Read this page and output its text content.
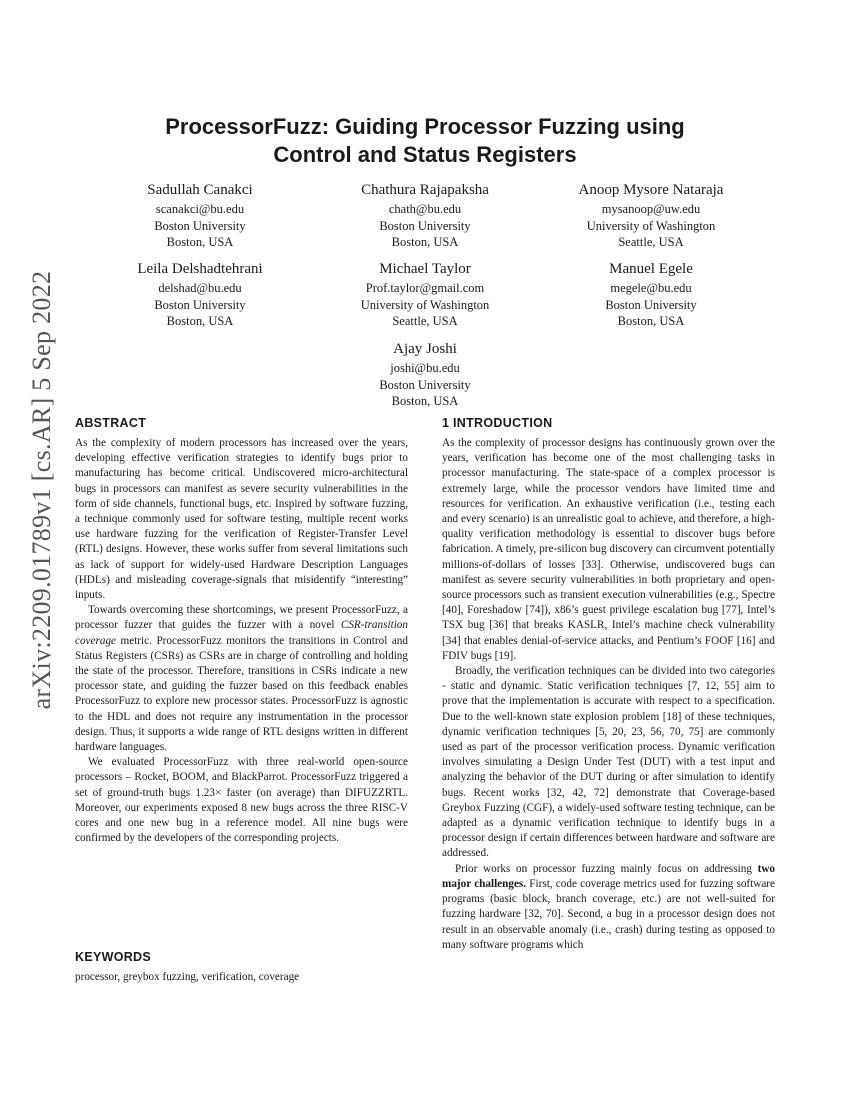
arXiv:2209.01789v1 [cs.AR] 5 Sep 2022
ProcessorFuzz: Guiding Processor Fuzzing using
Control and Status Registers
Sadullah Canakci
scanakci@bu.edu
Boston University
Boston, USA
Chathura Rajapaksha
chath@bu.edu
Boston University
Boston, USA
Anoop Mysore Nataraja
mysanoop@uw.edu
University of Washington
Seattle, USA
Leila Delshadtehrani
delshad@bu.edu
Boston University
Boston, USA
Michael Taylor
Prof.taylor@gmail.com
University of Washington
Seattle, USA
Manuel Egele
megele@bu.edu
Boston University
Boston, USA
Ajay Joshi
joshi@bu.edu
Boston University
Boston, USA
ABSTRACT

As the complexity of modern processors has increased over the years, developing effective verification strategies to identify bugs prior to manufacturing has become critical. Undiscovered micro-architectural bugs in processors can manifest as severe security vulnerabilities in the form of side channels, functional bugs, etc. Inspired by software fuzzing, a technique commonly used for software testing, multiple recent works use hardware fuzzing for the verification of Register-Transfer Level (RTL) designs. However, these works suffer from several limitations such as lack of support for widely-used Hardware Description Languages (HDLs) and misleading coverage-signals that misidentify “interesting” inputs.

Towards overcoming these shortcomings, we present ProcessorFuzz, a processor fuzzer that guides the fuzzer with a novel CSR-transition coverage metric. ProcessorFuzz monitors the transitions in Control and Status Registers (CSRs) as CSRs are in charge of controlling and holding the state of the processor. Therefore, transitions in CSRs indicate a new processor state, and guiding the fuzzer based on this feedback enables ProcessorFuzz to explore new processor states. ProcessorFuzz is agnostic to the HDL and does not require any instrumentation in the processor design. Thus, it supports a wide range of RTL designs written in different hardware languages.

We evaluated ProcessorFuzz with three real-world open-source processors – Rocket, BOOM, and BlackParrot. ProcessorFuzz triggered a set of ground-truth bugs 1.23× faster (on average) than DIFUZZRTL. Moreover, our experiments exposed 8 new bugs across the three RISC-V cores and one new bug in a reference model. All nine bugs were confirmed by the developers of the corresponding projects.

KEYWORDS
processor, greybox fuzzing, verification, coverage
1 INTRODUCTION

As the complexity of processor designs has continuously grown over the years, verification has become one of the most challenging tasks in processor manufacturing. The state-space of a complex processor is extremely large, while the processor vendors have limited time and resources for verification. An exhaustive verification (i.e., testing each and every scenario) is an unrealistic goal to achieve, and therefore, a high-quality verification methodology is essential to discover bugs before fabrication. A timely, pre-silicon bug discovery can circumvent potentially millions-of-dollars of losses [33]. Otherwise, undiscovered bugs can manifest as severe security vulnerabilities in both proprietary and open-source processors such as transient execution vulnerabilities (e.g., Spectre [40], Foreshadow [74]), x86’s guest privilege escalation bug [77], Intel’s TSX bug [36] that breaks KASLR, Intel’s machine check vulnerability [34] that enables denial-of-service attacks, and Pentium’s FOOF [16] and FDIV bugs [19].

Broadly, the verification techniques can be divided into two categories - static and dynamic. Static verification techniques [7, 12, 55] aim to prove that the implementation is accurate with respect to a specification. Due to the well-known state explosion problem [18] of these techniques, dynamic verification techniques [5, 20, 23, 56, 70, 75] are commonly used as part of the processor verification process. Dynamic verification involves simulating a Design Under Test (DUT) with a test input and analyzing the behavior of the DUT during or after simulation to identify bugs. Recent works [32, 42, 72] demonstrate that Coverage-based Greybox Fuzzing (CGF), a widely-used software testing technique, can be adapted as a dynamic verification technique to identify bugs in a processor design if certain differences between hardware and software are addressed.

Prior works on processor fuzzing mainly focus on addressing two major challenges. First, code coverage metrics used for fuzzing software programs (basic block, branch coverage, etc.) are not well-suited for fuzzing hardware [32, 70]. Second, a bug in a processor design does not result in an observable anomaly (i.e., crash) during testing as opposed to many software programs which
